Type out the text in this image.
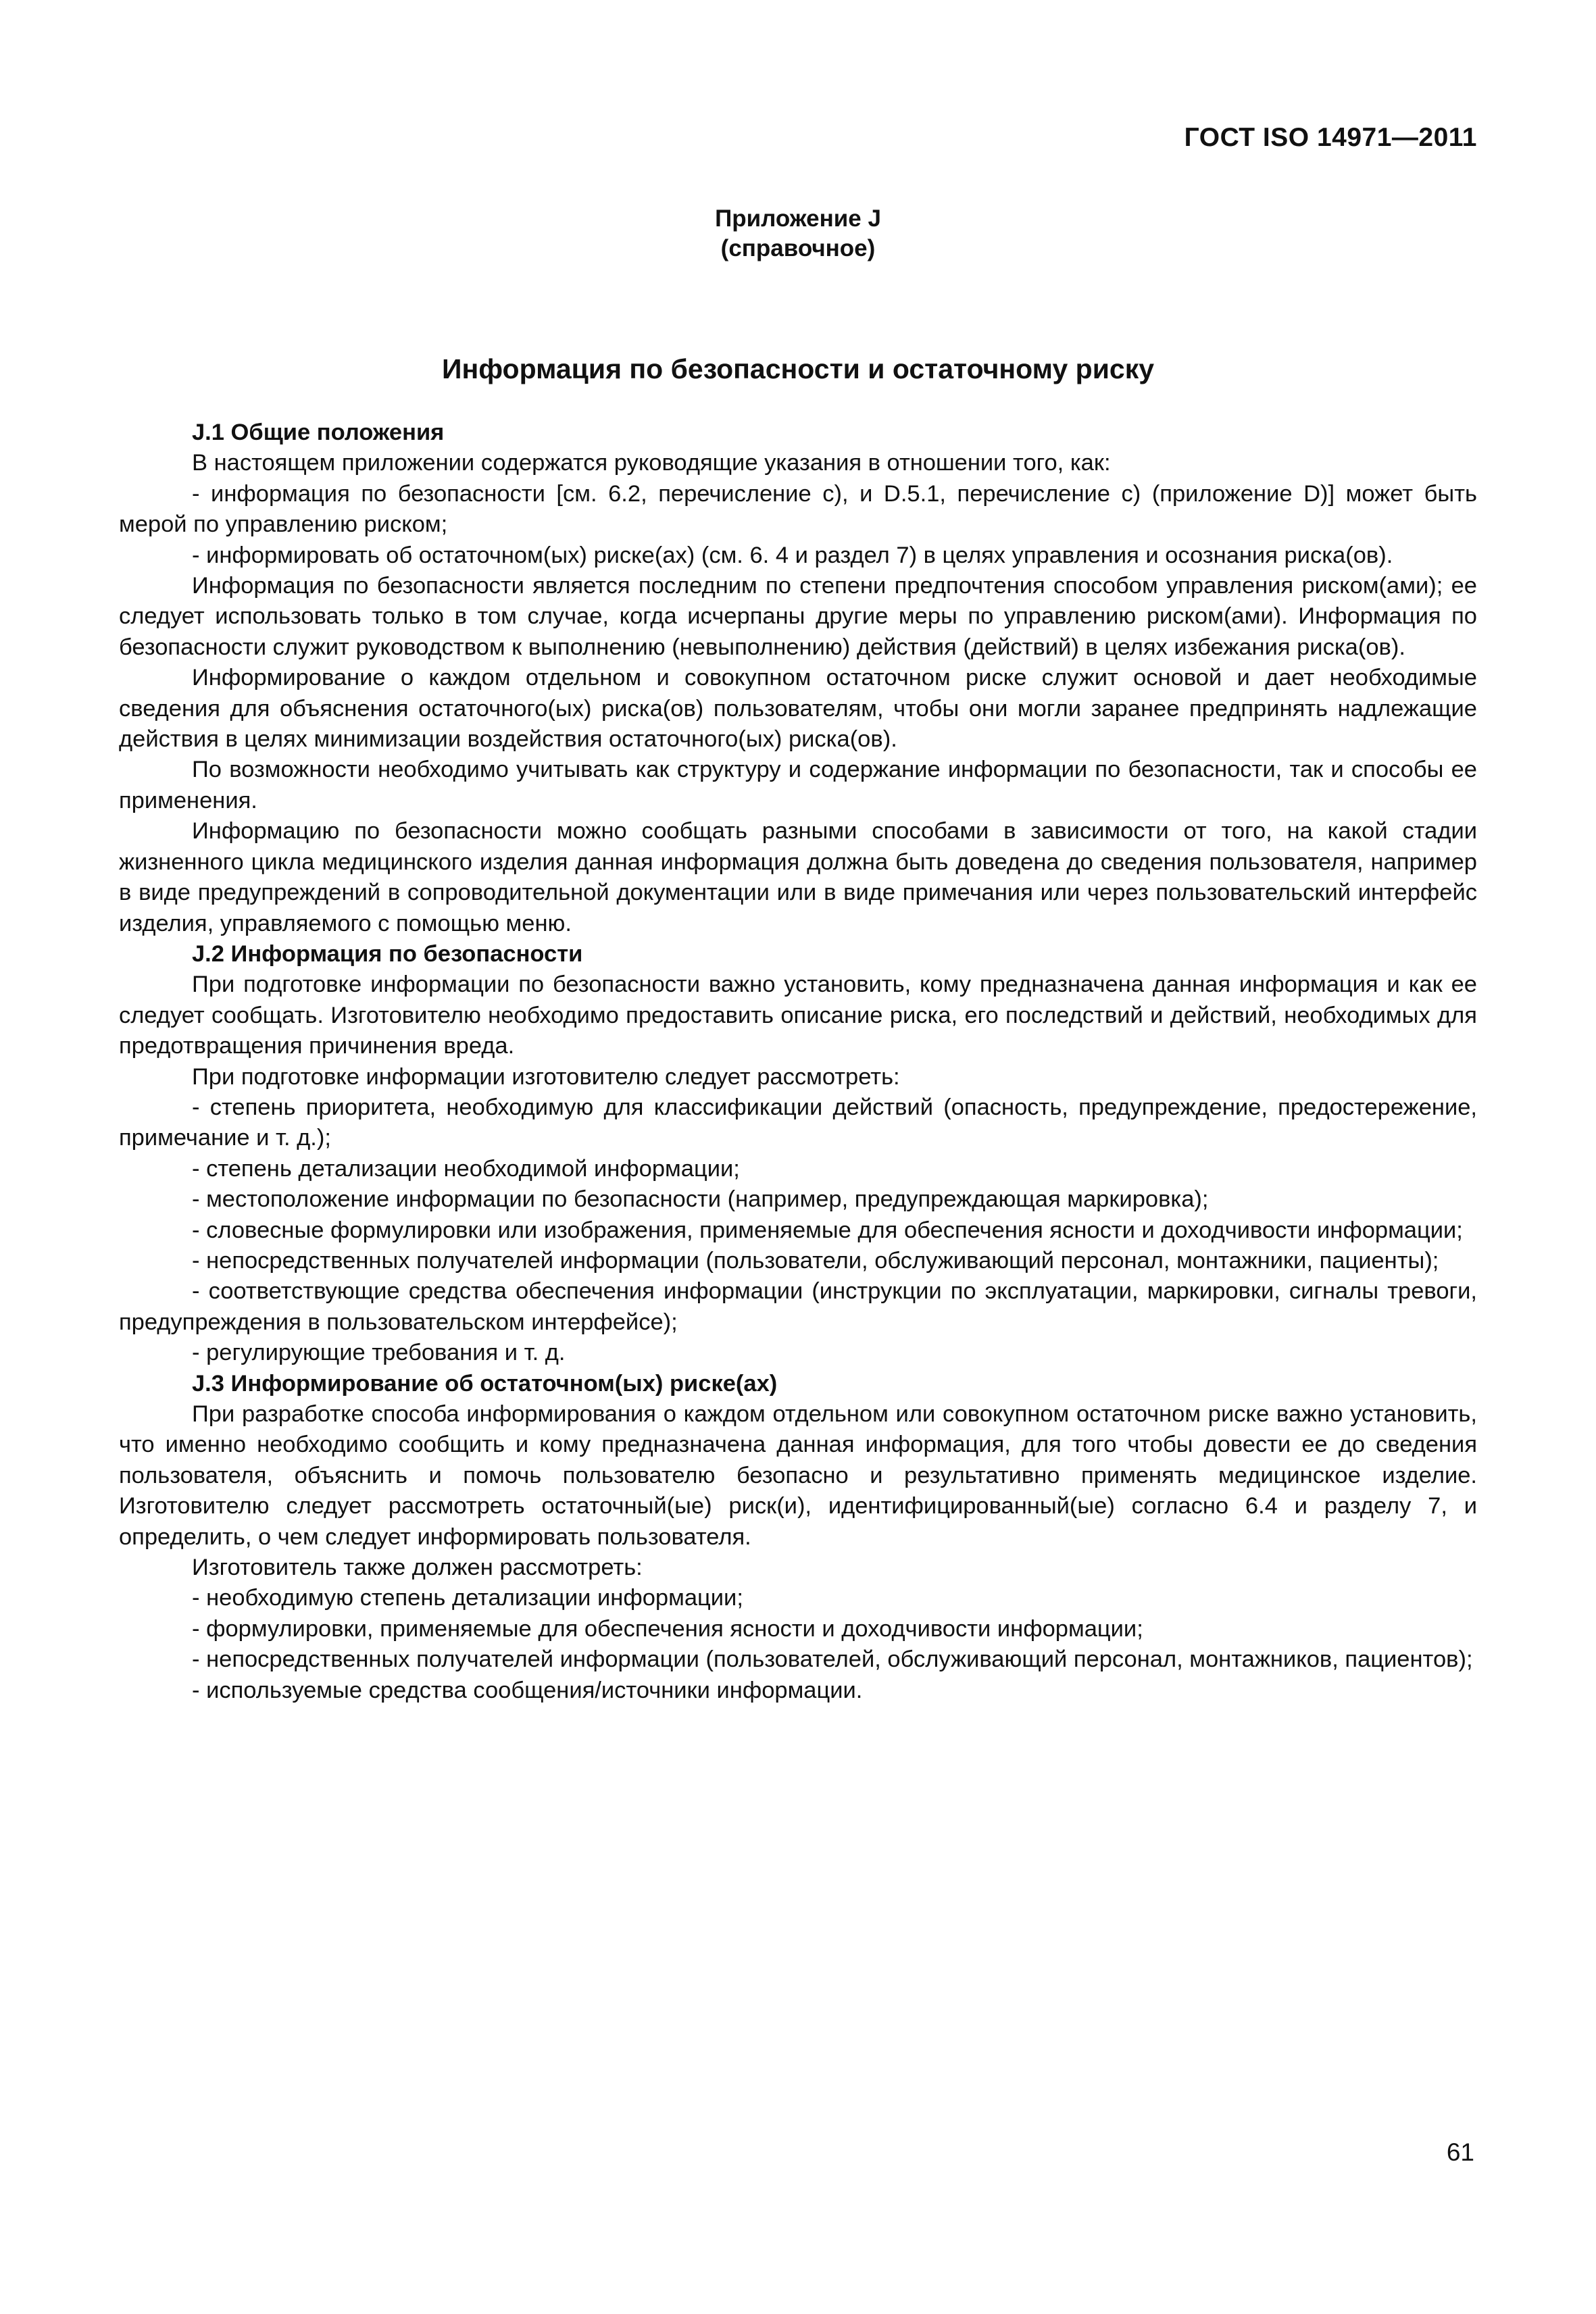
ГОСТ ISO 14971—2011
Приложение J
(справочное)
Информация по безопасности и остаточному риску

J.1 Общие положения

В настоящем приложении содержатся руководящие указания в отношении того, как:

- информация по безопасности [см. 6.2, перечисление с), и D.5.1, перечисление с) (приложение D)] может быть мерой по управлению риском;

- информировать об остаточном(ых) риске(ах) (см. 6. 4 и раздел 7) в целях управления и осознания риска(ов).

Информация по безопасности является последним по степени предпочтения способом управления риском(ами); ее следует использовать только в том случае, когда исчерпаны другие меры по управлению риском(ами). Информация по безопасности служит руководством к выполнению (невыполнению) действия (действий) в целях избежания риска(ов).

Информирование о каждом отдельном и совокупном остаточном риске служит основой и дает необходимые сведения для объяснения остаточного(ых) риска(ов) пользователям, чтобы они могли заранее предпринять надлежащие действия в целях минимизации воздействия остаточного(ых) риска(ов).

По возможности необходимо учитывать как структуру и содержание информации по безопасности, так и способы ее применения.

Информацию по безопасности можно сообщать разными способами в зависимости от того, на какой стадии жизненного цикла медицинского изделия данная информация должна быть доведена до сведения пользователя, например в виде предупреждений в сопроводительной документации или в виде примечания или через пользовательский интерфейс изделия, управляемого с помощью меню.

J.2 Информация по безопасности

При подготовке информации по безопасности важно установить, кому предназначена данная информация и как ее следует сообщать. Изготовителю необходимо предоставить описание риска, его последствий и действий, необходимых для предотвращения причинения вреда.

При подготовке информации изготовителю следует рассмотреть:

- степень приоритета, необходимую для классификации действий (опасность, предупреждение, предостережение, примечание и т. д.);

- степень детализации необходимой информации;

- местоположение информации по безопасности (например, предупреждающая маркировка);

- словесные формулировки или изображения, применяемые для обеспечения ясности и доходчивости информации;

- непосредственных получателей информации (пользователи, обслуживающий персонал, монтажники, пациенты);

- соответствующие средства обеспечения информации (инструкции по эксплуатации, маркировки, сигналы тревоги, предупреждения в пользовательском интерфейсе);

- регулирующие требования и т. д.

J.3 Информирование об остаточном(ых) риске(ах)

При разработке способа информирования о каждом отдельном или совокупном остаточном риске важно установить, что именно необходимо сообщить и кому предназначена данная информация, для того чтобы довести ее до сведения пользователя, объяснить и помочь пользователю безопасно и результативно применять медицинское изделие. Изготовителю следует рассмотреть остаточный(ые) риск(и), идентифицированный(ые) согласно 6.4 и разделу 7, и определить, о чем следует информировать пользователя.

Изготовитель также должен рассмотреть:

- необходимую степень детализации информации;

- формулировки, применяемые для обеспечения ясности и доходчивости информации;

- непосредственных получателей информации (пользователей, обслуживающий персонал, монтажников, пациентов);

- используемые средства сообщения/источники информации.

61
